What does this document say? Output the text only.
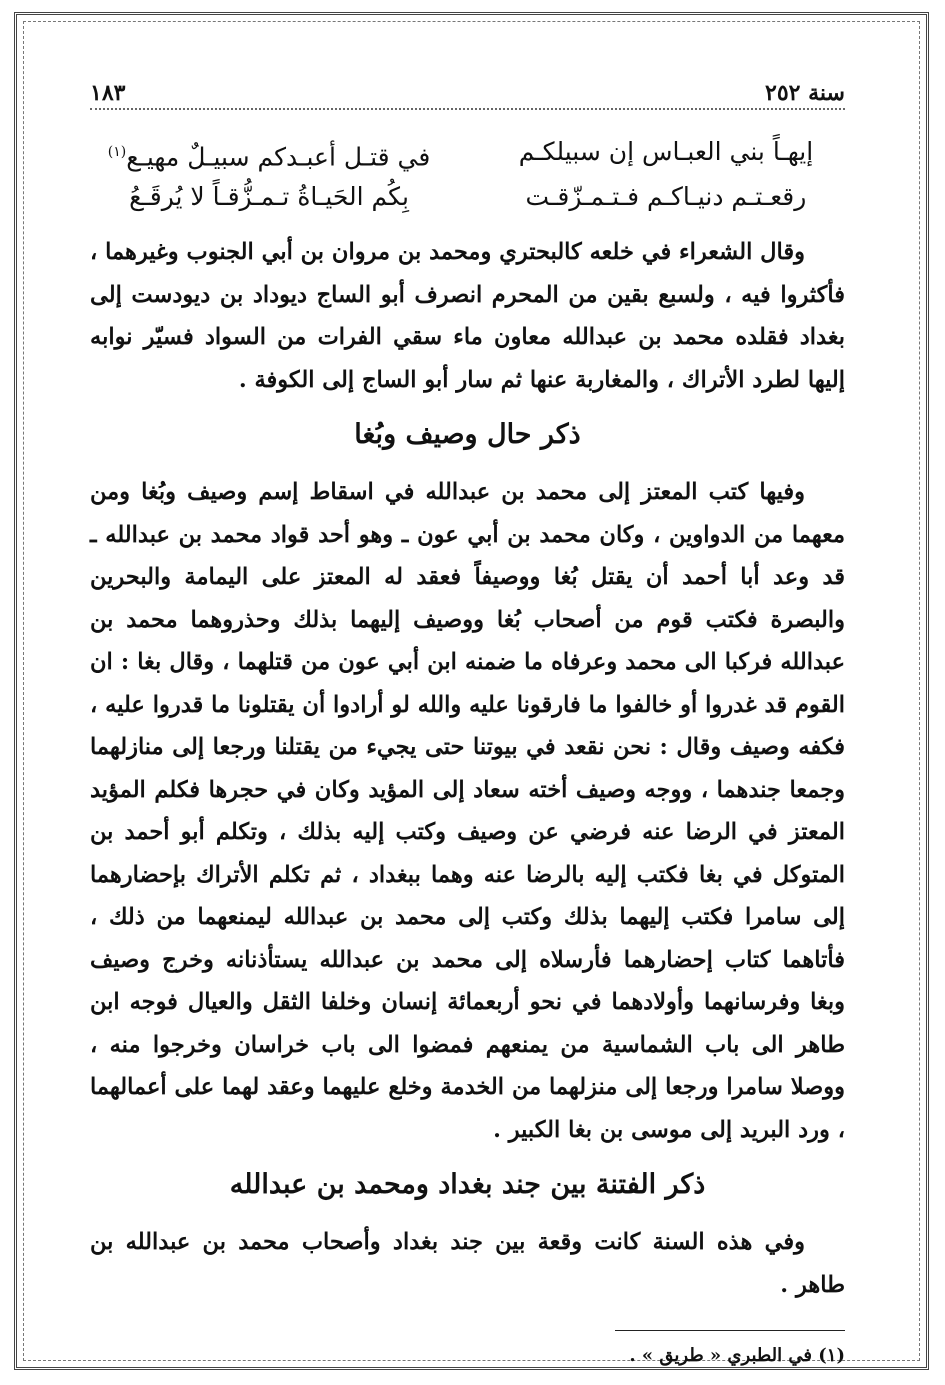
سنة ٢٥٢
١٨٣
إيهـاً بني العبـاس إن سبيلكـم
في قتـل أعبـدكم سبيـلٌ مهيـع$^{(١)}$
رقعـتـم دنيـاكـم فـتـمـزّقـت
بِكُم الحَيـاةُ تـمـزُّقـاً لا يُرقَـعُ

وقال الشعراء في خلعه كالبحتري ومحمد بن مروان بن أبي الجنوب وغيرهما ، فأكثروا فيه ، ولسبع بقين من المحرم انصرف أبو الساج ديوداد بن ديودست إلى بغداد فقلده محمد بن عبدالله معاون ماء سقي الفرات من السواد فسيّر نوابه إليها لطرد الأتراك ، والمغاربة عنها ثم سار أبو الساج إلى الكوفة .

ذكر حال وصيف وبُغا

وفيها كتب المعتز إلى محمد بن عبدالله في اسقاط إسم وصيف وبُغا ومن معهما من الدواوين ، وكان محمد بن أبي عون ـ وهو أحد قواد محمد بن عبدالله ـ قد وعد أبا أحمد أن يقتل بُغا ووصيفاً فعقد له المعتز على اليمامة والبحرين والبصرة فكتب قوم من أصحاب بُغا ووصيف إليهما بذلك وحذروهما محمد بن عبدالله فركبا الى محمد وعرفاه ما ضمنه ابن أبي عون من قتلهما ، وقال بغا : ان القوم قد غدروا أو خالفوا ما فارقونا عليه والله لو أرادوا أن يقتلونا ما قدروا عليه ، فكفه وصيف وقال : نحن نقعد في بيوتنا حتى يجيء من يقتلنا ورجعا إلى منازلهما وجمعا جندهما ، ووجه وصيف أخته سعاد إلى المؤيد وكان في حجرها فكلم المؤيد المعتز في الرضا عنه فرضي عن وصيف وكتب إليه بذلك ، وتكلم أبو أحمد بن المتوكل في بغا فكتب إليه بالرضا عنه وهما ببغداد ، ثم تكلم الأتراك بإحضارهما إلى سامرا فكتب إليهما بذلك وكتب إلى محمد بن عبدالله ليمنعهما من ذلك ، فأتاهما كتاب إحضارهما فأرسلاه إلى محمد بن عبدالله يستأذنانه وخرج وصيف وبغا وفرسانهما وأولادهما في نحو أربعمائة إنسان وخلفا الثقل والعيال فوجه ابن طاهر الى باب الشماسية من يمنعهم فمضوا الى باب خراسان وخرجوا منه ، ووصلا سامرا ورجعا إلى منزلهما من الخدمة وخلع عليهما وعقد لهما على أعمالهما ، ورد البريد إلى موسى بن بغا الكبير .

ذكر الفتنة بين جند بغداد ومحمد بن عبدالله

وفي هذه السنة كانت وقعة بين جند بغداد وأصحاب محمد بن عبدالله بن طاهر .

(١) في الطبري « طريق » .
